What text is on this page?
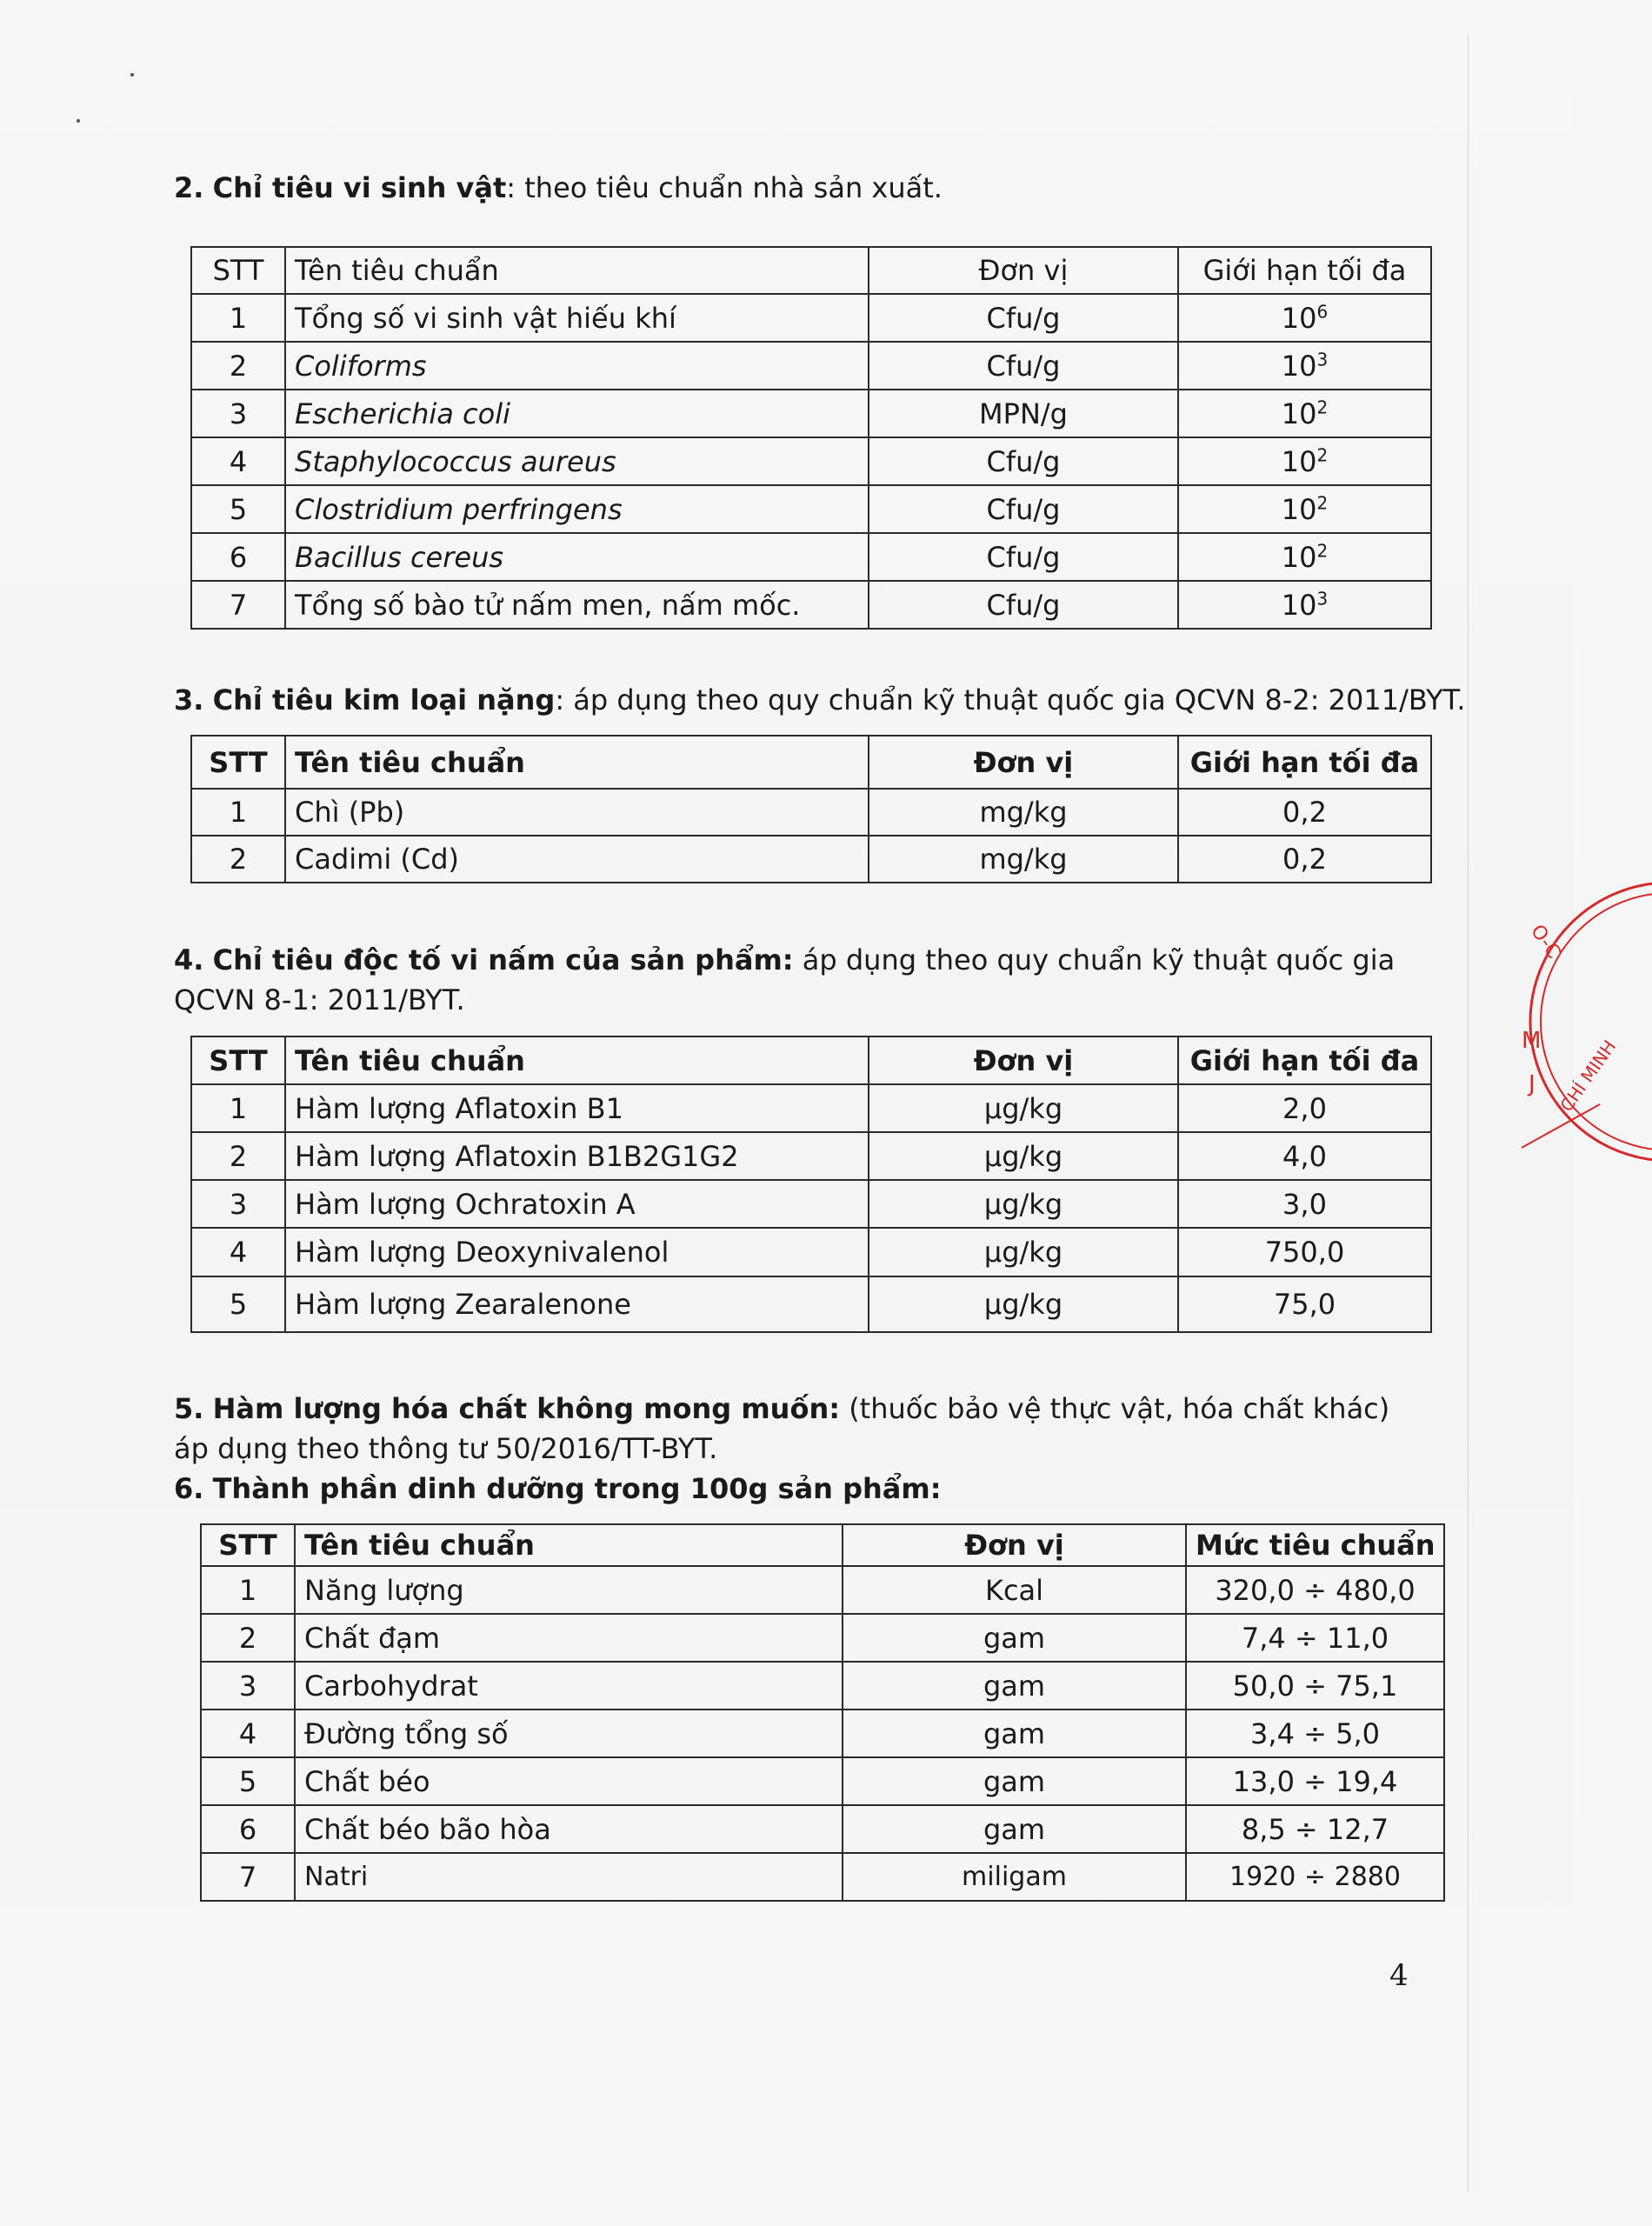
2. Chỉ tiêu vi sinh vật: theo tiêu chuẩn nhà sản xuất.
STT	Tên tiêu chuẩn	Đơn vị	Giới hạn tối đa
1	Tổng số vi sinh vật hiếu khí	Cfu/g	$10^6$
2	Coliforms	Cfu/g	$10^3$
3	Escherichia coli	MPN/g	$10^2$
4	Staphylococcus aureus	Cfu/g	$10^2$
5	Clostridium perfringens	Cfu/g	$10^2$
6	Bacillus cereus	Cfu/g	$10^2$
7	Tổng số bào tử nấm men, nấm mốc.	Cfu/g	$10^3$
3. Chỉ tiêu kim loại nặng: áp dụng theo quy chuẩn kỹ thuật quốc gia QCVN 8-2: 2011/BYT.
STT	Tên tiêu chuẩn	Đơn vị	Giới hạn tối đa
1	Chì (Pb)	mg/kg	0,2
2	Cadimi (Cd)	mg/kg	0,2
4. Chỉ tiêu độc tố vi nấm của sản phẩm: áp dụng theo quy chuẩn kỹ thuật quốc gia
QCVN 8-1: 2011/BYT.
STT	Tên tiêu chuẩn	Đơn vị	Giới hạn tối đa
1	Hàm lượng Aflatoxin B1	µg/kg	2,0
2	Hàm lượng Aflatoxin B1B2G1G2	µg/kg	4,0
3	Hàm lượng Ochratoxin A	µg/kg	3,0
4	Hàm lượng Deoxynivalenol	µg/kg	750,0
5	Hàm lượng Zearalenone	µg/kg	75,0
5. Hàm lượng hóa chất không mong muốn: (thuốc bảo vệ thực vật, hóa chất khác)
áp dụng theo thông tư 50/2016/TT-BYT.
6. Thành phần dinh dưỡng trong 100g sản phẩm:
STT	Tên tiêu chuẩn	Đơn vị	Mức tiêu chuẩn
1	Năng lượng	Kcal	320,0 ÷ 480,0
2	Chất đạm	gam	7,4 ÷ 11,0
3	Carbohydrat	gam	50,0 ÷ 75,1
4	Đường tổng số	gam	3,4 ÷ 5,0
5	Chất béo	gam	13,0 ÷ 19,4
6	Chất béo bão hòa	gam	8,5 ÷ 12,7
7	Natri	miligam	1920 ÷ 2880
4
M
J
O-C
CHÍ MINH
